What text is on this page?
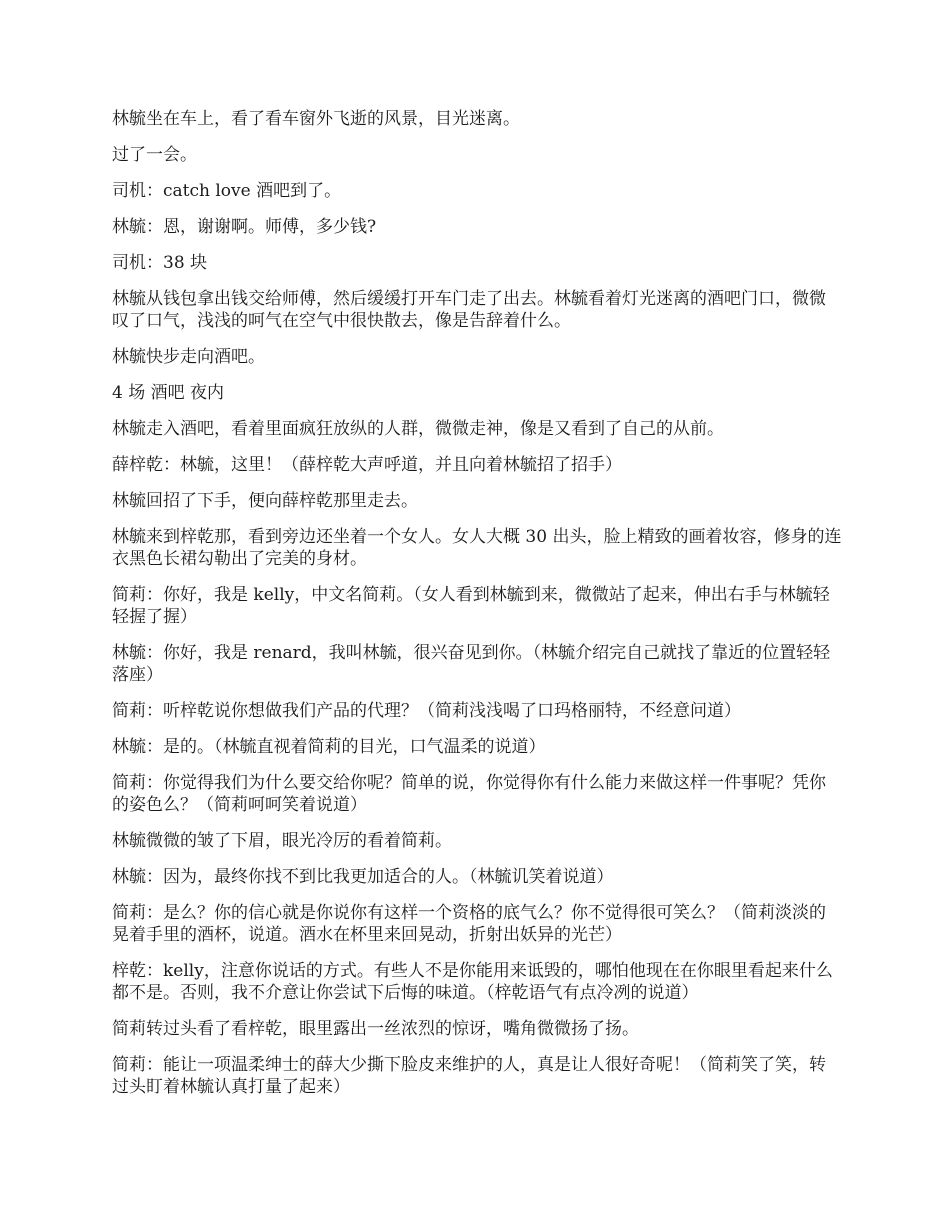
林毓坐在车上，看了看车窗外飞逝的风景，目光迷离。

过了一会。

司机：catch love 酒吧到了。

林毓：恩，谢谢啊。师傅，多少钱?

司机：38 块

林毓从钱包拿出钱交给师傅，然后缓缓打开车门走了出去。林毓看着灯光迷离的酒吧门口，微微叹了口气，浅浅的呵气在空气中很快散去，像是告辞着什么。

林毓快步走向酒吧。

4 场 酒吧 夜内

林毓走入酒吧，看着里面疯狂放纵的人群，微微走神，像是又看到了自己的从前。

薛梓乾：林毓，这里！（薛梓乾大声呼道，并且向着林毓招了招手）

林毓回招了下手，便向薛梓乾那里走去。

林毓来到梓乾那，看到旁边还坐着一个女人。女人大概 30 出头，脸上精致的画着妆容，修身的连衣黑色长裙勾勒出了完美的身材。

简莉：你好，我是 kelly，中文名简莉。（女人看到林毓到来，微微站了起来，伸出右手与林毓轻轻握了握）

林毓：你好，我是 renard，我叫林毓，很兴奋见到你。（林毓介绍完自己就找了靠近的位置轻轻落座）

简莉：听梓乾说你想做我们产品的代理？（简莉浅浅喝了口玛格丽特，不经意问道）

林毓：是的。（林毓直视着简莉的目光，口气温柔的说道）

简莉：你觉得我们为什么要交给你呢？简单的说，你觉得你有什么能力来做这样一件事呢？凭你的姿色么？（简莉呵呵笑着说道）

林毓微微的皱了下眉，眼光冷厉的看着简莉。

林毓：因为，最终你找不到比我更加适合的人。（林毓讥笑着说道）

简莉：是么？你的信心就是你说你有这样一个资格的底气么？你不觉得很可笑么？（简莉淡淡的晃着手里的酒杯，说道。酒水在杯里来回晃动，折射出妖异的光芒）

梓乾：kelly，注意你说话的方式。有些人不是你能用来诋毁的，哪怕他现在在你眼里看起来什么都不是。否则，我不介意让你尝试下后悔的味道。（梓乾语气有点冷冽的说道）

简莉转过头看了看梓乾，眼里露出一丝浓烈的惊讶，嘴角微微扬了扬。

简莉：能让一项温柔绅士的薛大少撕下脸皮来维护的人，真是让人很好奇呢！（简莉笑了笑，转过头盯着林毓认真打量了起来）
